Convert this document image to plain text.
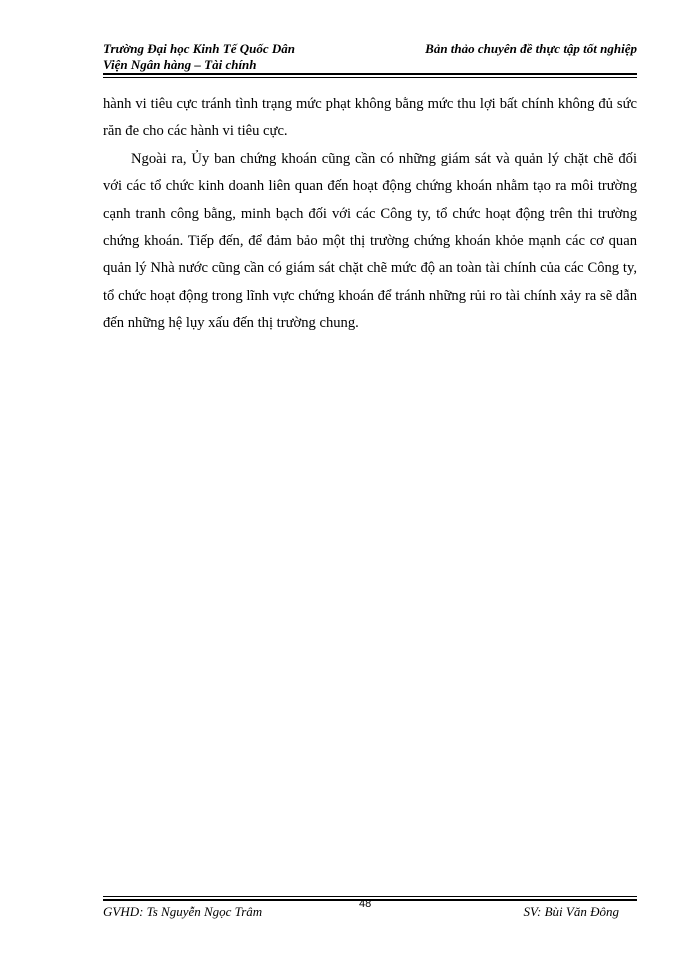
Trường Đại học Kinh Tế Quốc Dân	Bản thảo chuyên đề thực tập tốt nghiệp
Viện Ngân hàng – Tài chính

hành vi tiêu cực tránh tình trạng mức phạt không bằng mức thu lợi bất chính không đủ sức răn đe cho các hành vi tiêu cực.

Ngoài ra, Ủy ban chứng khoán cũng cần có những giám sát và quản lý chặt chẽ đối với các tổ chức kinh doanh liên quan đến hoạt động chứng khoán nhằm tạo ra môi trường cạnh tranh công bằng, minh bạch đối với các Công ty, tổ chức hoạt động trên thi trường chứng khoán. Tiếp đến, để đảm bảo một thị trường chứng khoán khỏe mạnh các cơ quan quản lý Nhà nước cũng cần có giám sát chặt chẽ mức độ an toàn tài chính của các Công ty, tổ chức hoạt động trong lĩnh vực chứng khoán để tránh những rủi ro tài chính xảy ra sẽ dẫn đến những hệ lụy xấu đến thị trường chung.

GVHD: Ts Nguyễn Ngọc Trâm	48	SV: Bùi Văn Đông
